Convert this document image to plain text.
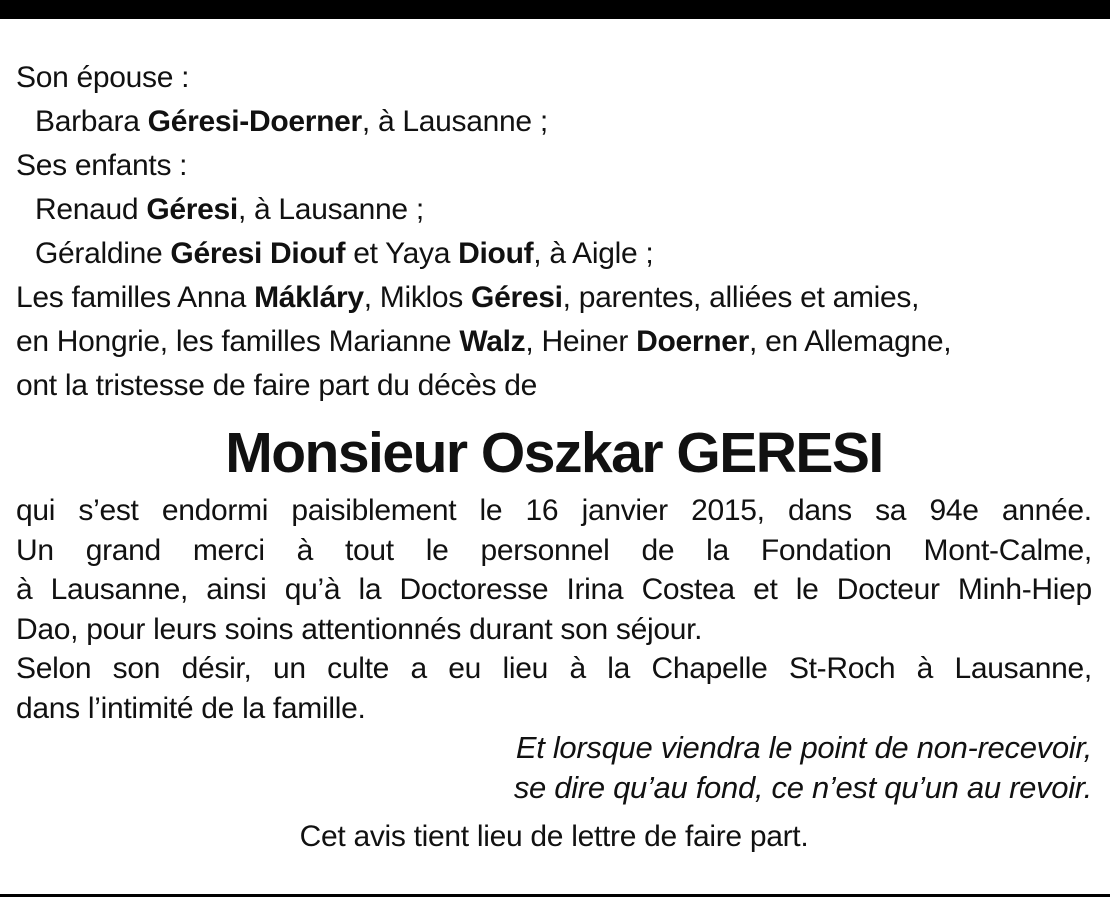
Son épouse :
Barbara Géresi-Doerner, à Lausanne ;
Ses enfants :
Renaud Géresi, à Lausanne ;
Géraldine Géresi Diouf et Yaya Diouf, à Aigle ;
Les familles Anna Mákláry, Miklos Géresi, parentes, alliées et amies,
en Hongrie, les familles Marianne Walz, Heiner Doerner, en Allemagne,
ont la tristesse de faire part du décès de
Monsieur Oszkar GERESI
qui s’est endormi paisiblement le 16 janvier 2015, dans sa 94e année.
Un grand merci à tout le personnel de la Fondation Mont-Calme,
à Lausanne, ainsi qu’à la Doctoresse Irina Costea et le Docteur Minh-Hiep
Dao, pour leurs soins attentionnés durant son séjour.
Selon son désir, un culte a eu lieu à la Chapelle St-Roch à Lausanne,
dans l’intimité de la famille.
Et lorsque viendra le point de non-recevoir,
se dire qu’au fond, ce n’est qu’un au revoir.
Cet avis tient lieu de lettre de faire part.
